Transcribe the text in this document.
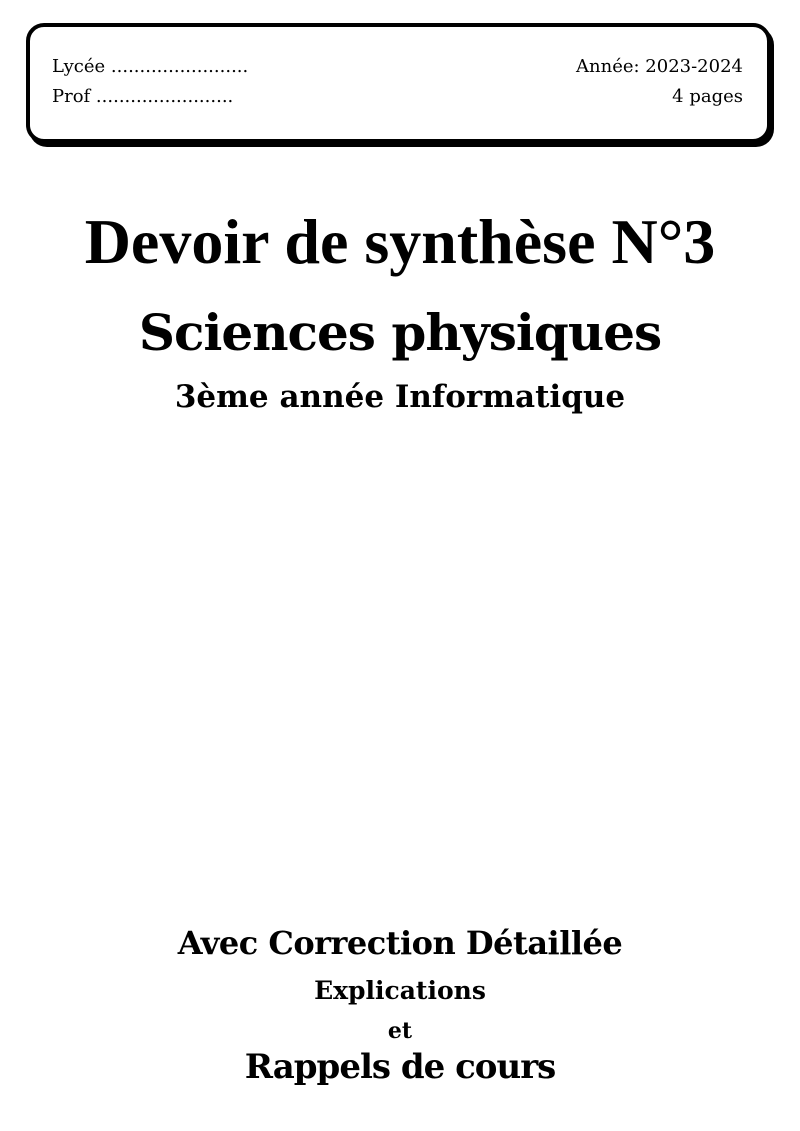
Lycée ........................
Prof ........................
Année: 2023-2024
4 pages
Devoir de synthèse N°3
Sciences physiques
3ème année Informatique
Avec Correction Détaillée
Explications
et
Rappels de cours
